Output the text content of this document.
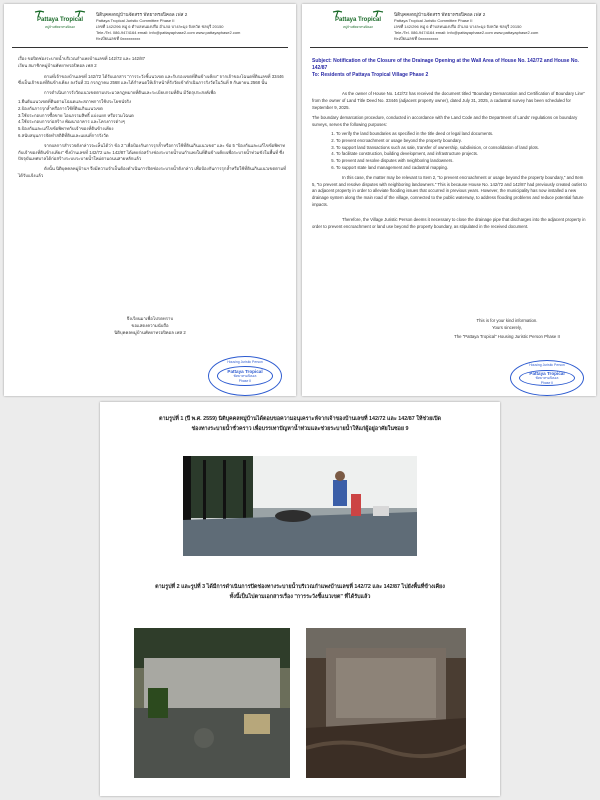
Pattaya Tropical
หมู่บ้านพัทยาทรอปิคอล
นิติบุคคลหมู่บ้านจัดสรร พัทยาทรอปิคอล เฟส 2
Pattaya Tropical Juristic Committee Phase II
เลขที่ 142/296 หมู่ 6 ตำบลหนองปรือ อำเภอ บางละมุง จังหวัด ชลบุรี 20150
Tele./Tel. 086-9474164 email: info@pattayaphase2.com www.pattayaphase2.com
ทะเบียนเลขที่ 0xxxxxxxxx
เรื่อง ขอปิดช่องระบายน้ำบริเวณกำแพงบ้านเลขที่ 142/72 และ 142/87
เรียน สมาชิกหมู่บ้านพัทยาทรอปิคอล เฟส 2
ตามที่เจ้าของบ้านเลขที่ 142/72 ได้รับเอกสาร "การระวังชี้แนวเขต และรับรองเขตที่ดินข้างเคียง" จากเจ้าของโฉนดที่ดินเลขที่ 33446 ซึ่งเป็นเจ้าของที่ดินข้างเคียง ลงวันที่ 31 กรกฎาคม 2568 และได้กำหนดให้เจ้าหน้าที่รังวัดเข้าดำเนินการรังวัดในวันที่ 9 กันยายน 2568 นั้น
การดำเนินการรังวัดแนวเขตตามประมวลกฎหมายที่ดินและระเบียบกรมที่ดิน มีวัตถุประสงค์เพื่อ
1.ยืนยันแนวเขตที่ดินตามโฉนดและสภาพการใช้ประโยชน์จริง
2.ป้องกันการรุกล้ำหรือการใช้ที่ดินเกินแนวเขต
3.ใช้ประกอบการซื้อขาย โอนกรรมสิทธิ์ แบ่งแยก หรือรวมโฉนด
4.ใช้ประกอบการก่อสร้าง พัฒนาอาคาร และโครงการต่างๆ
5.ป้องกันและแก้ไขข้อพิพาทกับเจ้าของที่ดินข้างเคียง
6.สนับสนุนการจัดทำสถิติที่ดินและแผนที่การรังวัด
จากผลการสำรวจดังกล่าวจะเห็นได้ว่า ข้อ 2 "เพื่อป้องกันการรุกล้ำหรือการใช้ที่ดินเกินแนวเขต" และ ข้อ 5 "ป้องกันและแก้ไขข้อพิพาทกับเจ้าของที่ดินข้างเคียง" ซึ่งบ้านเลขที่ 142/72 และ 142/87 ได้เคยก่อสร้างช่องระบายน้ำบนกำแพงในที่ดินข้างเคียงเพื่อระบายน้ำท่วมขังในพื้นที่ ซึ่งปัจจุบันเทศบาลได้ก่อสร้างระบบระบายน้ำใหม่ตามถนนสายหลักแล้ว
ดังนั้น นิติบุคคลหมู่บ้านฯ จึงมีความจำเป็นต้องดำเนินการปิดช่องระบายน้ำดังกล่าว เพื่อป้องกันการรุกล้ำหรือใช้ที่ดินเกินแนวเขตตามที่ได้รับแจ้งแล้ว
จึงเรียนมาเพื่อโปรดทราบ
ขอแสดงความนับถือ
นิติบุคคลหมู่บ้านพัทยาทรอปิคอล เฟส 2
Housing Juristic Person
Pattaya Tropical
พัทยาทรอปิคอล
Phase II
Pattaya Tropical
หมู่บ้านพัทยาทรอปิคอล
นิติบุคคลหมู่บ้านจัดสรร พัทยาทรอปิคอล เฟส 2
Pattaya Tropical Juristic Committee Phase II
เลขที่ 142/296 หมู่ 6 ตำบลหนองปรือ อำเภอ บางละมุง จังหวัด ชลบุรี 20150
Tele./Tel. 086-9474164 email: info@pattayaphase2.com www.pattayaphase2.com
ทะเบียนเลขที่ 0xxxxxxxxx
Subject: Notification of the Closure of the Drainage Opening at the Wall Area of House No. 142/72 and House No. 142/87
To: Residents of Pattaya Tropical Village Phase 2
As the owner of House No. 142/72 has received the document titled "Boundary Demarcation and Certification of Boundary Line" from the owner of Land Title Deed No. 33446 (adjacent property owner), dated July 31, 2025, a cadastral survey has been scheduled for September 9, 2025.
The boundary demarcation procedure, conducted in accordance with the Land Code and the Department of Lands' regulations on boundary surveys, serves the following purposes:
1. To verify the land boundaries as specified in the title deed or legal land documents.
2. To prevent encroachment or usage beyond the property boundary.
3. To support land transactions such as sale, transfer of ownership, subdivision, or consolidation of land plots.
4. To facilitate construction, building development, and infrastructure projects.
5. To prevent and resolve disputes with neighboring landowners.
6. To support state land management and cadastral mapping.
In this case, the matter may be relevant to Item 2, "to prevent encroachment or usage beyond the property boundary," and Item 5, "to prevent and resolve disputes with neighboring landowners." This is because House No. 142/72 and 142/87 had previously created outlet to an adjacent property in order to alleviate flooding issues that occurred in previous years. However, the municipality has now installed a new drainage system along the main road of the village, connected to the public waterway, to address flooding problems and reduce potential future impacts.
Therefore, the Village Juristic Person deems it necessary to close the drainage pipe that discharges into the adjacent property in order to prevent encroachment or land use beyond the property boundary, as stipulated in the received document.
This is for your kind information.
Yours sincerely,
The "Pattaya Tropical" Housing Juristic Person Phase II
Housing Juristic Person
Pattaya Tropical
พัทยาทรอปิคอล
Phase II
ตามรูปที่ 1 (ปี พ.ศ. 2559) นิติบุคคลหมู่บ้านได้ตอบขอความอนุเคราะห์จากเจ้าของบ้านเลขที่ 142/72 และ 142/87 ให้ช่วยเปิด
ช่องทางระบายน้ำชั่วคราว เพื่อบรรเทาปัญหาน้ำท่วมและช่วยระบายน้ำให้แก่ผู้อยู่อาศัยในซอย 9
ตามรูปที่ 2 และรูปที่ 3 ได้มีการดำเนินการปิดช่องทางระบายน้ำบริเวณกำแพงบ้านเลขที่ 142/72 และ 142/87 ไปยังพื้นที่ข้างเคียง
ทั้งนี้เป็นไปตามเอกสารเรื่อง "การระวังชี้แนวเขต" ที่ได้รับแล้ว
